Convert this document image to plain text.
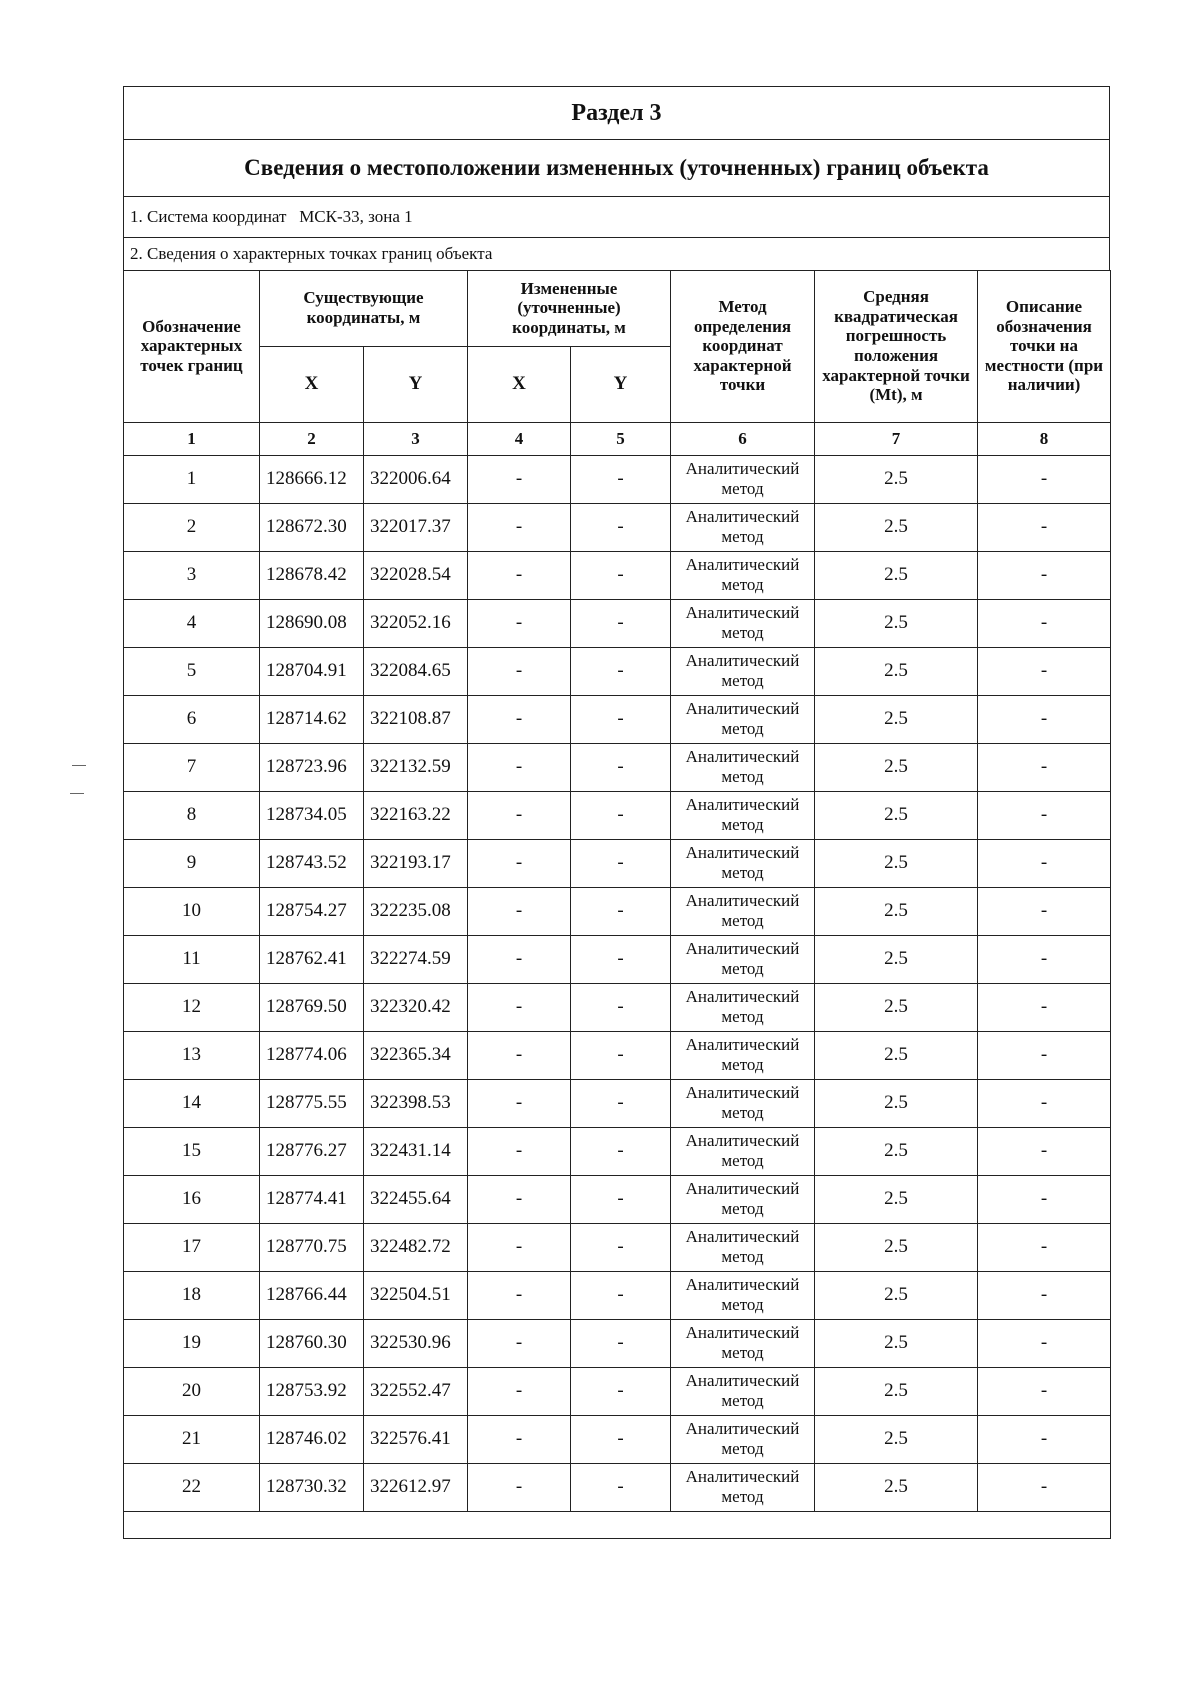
Раздел 3
Сведения о местоположении измененных (уточненных) границ объекта
1. Система координат   МСК-33, зона 1
2. Сведения о характерных точках границ объекта
Обозначение характерных точек границ	Существующие координаты, м		Измененные (уточненные) координаты, м		Метод определения координат характерной точки	Средняя квадратическая погрешность положения характерной точки (Mt), м	Описание обозначения точки на местности (при наличии)
	X	Y	X	Y			
1	2	3	4	5	6	7	8
1	128666.12	322006.64	-	-	Аналитический метод	2.5	-
2	128672.30	322017.37	-	-	Аналитический метод	2.5	-
3	128678.42	322028.54	-	-	Аналитический метод	2.5	-
4	128690.08	322052.16	-	-	Аналитический метод	2.5	-
5	128704.91	322084.65	-	-	Аналитический метод	2.5	-
6	128714.62	322108.87	-	-	Аналитический метод	2.5	-
7	128723.96	322132.59	-	-	Аналитический метод	2.5	-
8	128734.05	322163.22	-	-	Аналитический метод	2.5	-
9	128743.52	322193.17	-	-	Аналитический метод	2.5	-
10	128754.27	322235.08	-	-	Аналитический метод	2.5	-
11	128762.41	322274.59	-	-	Аналитический метод	2.5	-
12	128769.50	322320.42	-	-	Аналитический метод	2.5	-
13	128774.06	322365.34	-	-	Аналитический метод	2.5	-
14	128775.55	322398.53	-	-	Аналитический метод	2.5	-
15	128776.27	322431.14	-	-	Аналитический метод	2.5	-
16	128774.41	322455.64	-	-	Аналитический метод	2.5	-
17	128770.75	322482.72	-	-	Аналитический метод	2.5	-
18	128766.44	322504.51	-	-	Аналитический метод	2.5	-
19	128760.30	322530.96	-	-	Аналитический метод	2.5	-
20	128753.92	322552.47	-	-	Аналитический метод	2.5	-
21	128746.02	322576.41	-	-	Аналитический метод	2.5	-
22	128730.32	322612.97	-	-	Аналитический метод	2.5	-
